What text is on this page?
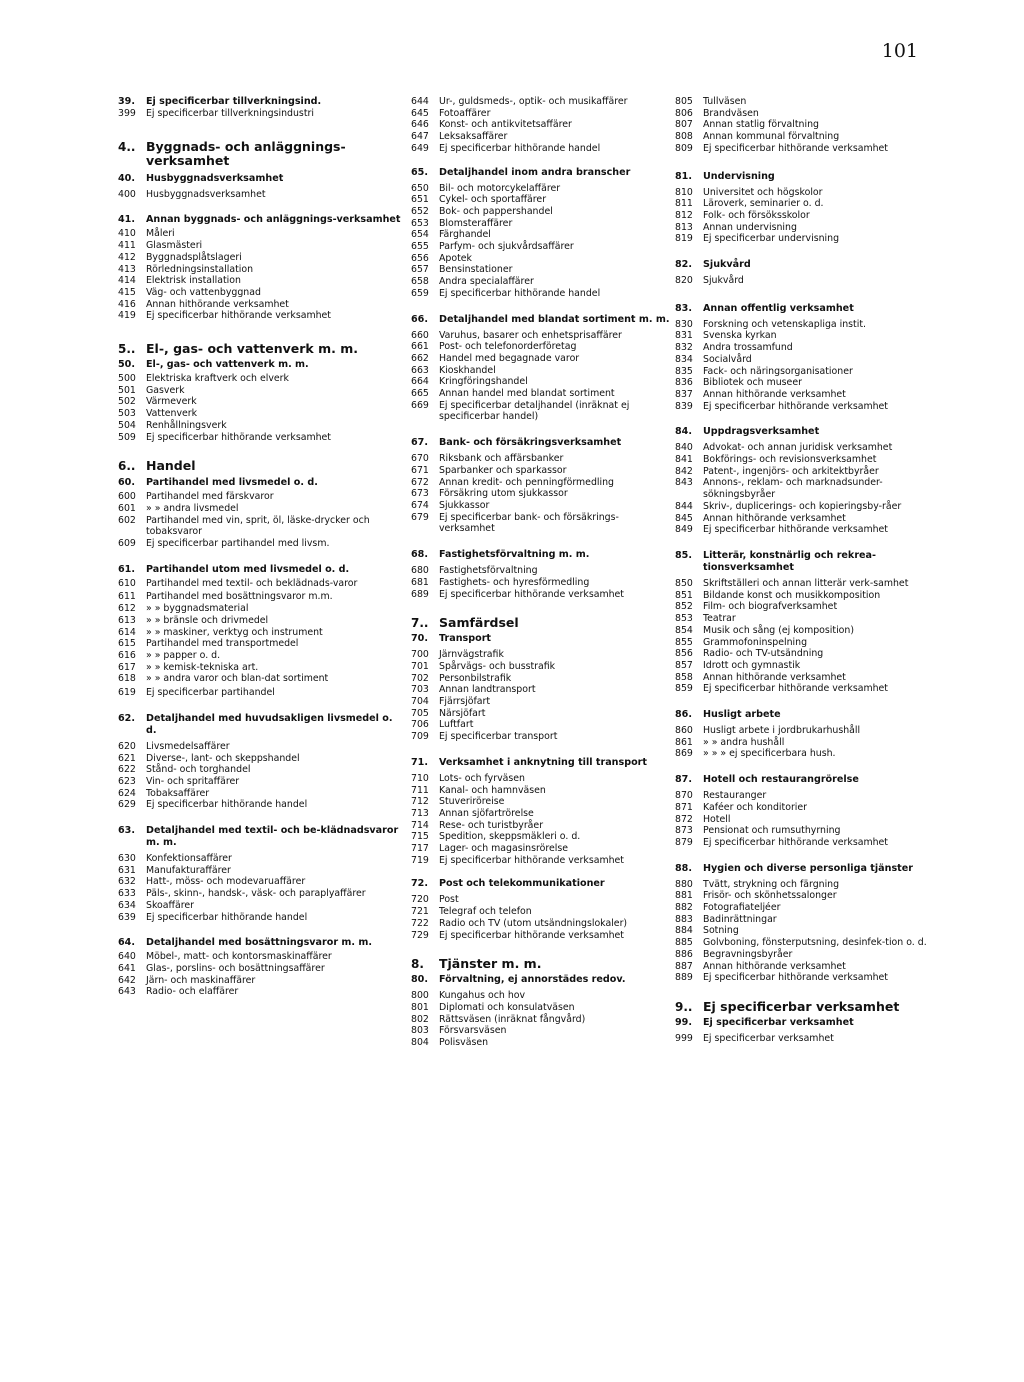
101
39.	Ej specificerbar tillverkningsind.
399	Ej specificerbar tillverkningsindustri
4.. Byggnads- och anläggnings-verksamhet
40.	Husbyggnadsverksamhet
400	Husbyggnadsverksamhet
41.	Annan byggnads- och anläggnings-verksamhet
410	Måleri
411	Glasmästeri
412	Byggnadsplåtslageri
413	Rörledningsinstallation
414	Elektrisk installation
415	Väg- och vattenbyggnad
416	Annan hithörande verksamhet
419	Ej specificerbar hithörande verksamhet
5.. El-, gas- och vattenverk m. m.
50.	El-, gas- och vattenverk m. m.
500	Elektriska kraftverk och elverk
501	Gasverk
502	Värmeverk
503	Vattenverk
504	Renhållningsverk
509	Ej specificerbar hithörande verksamhet
6.. Handel
60.	Partihandel med livsmedel o. d.
600	Partihandel med färskvaror
601	» » andra livsmedel
602	Partihandel med vin, sprit, öl, läske-drycker och tobaksvaror
609	Ej specificerbar partihandel med livsm.
61.	Partihandel utom med livsmedel o. d.
610	Partihandel med textil- och beklädnads-varor
611	Partihandel med bosättningsvaror m.m.
612	» » byggnadsmaterial
613	» » bränsle och drivmedel
614	» » maskiner, verktyg och instrument
615	Partihandel med transportmedel
616	» » papper o. d.
617	» » kemisk-tekniska art.
618	» » andra varor och blan-dat sortiment
619	Ej specificerbar partihandel
62.	Detaljhandel med huvudsakligen livsmedel o. d.
620	Livsmedelsaffärer
621	Diverse-, lant- och skeppshandel
622	Stånd- och torghandel
623	Vin- och spritaffärer
624	Tobaksaffärer
629	Ej specificerbar hithörande handel
63.	Detaljhandel med textil- och be-klädnadsvaror m. m.
630	Konfektionsaffärer
631	Manufakturaffärer
632	Hatt-, möss- och modevaruaffärer
633	Päls-, skinn-, handsk-, väsk- och paraplyaffärer
634	Skoaffärer
639	Ej specificerbar hithörande handel
64.	Detaljhandel med bosättningsvaror m. m.
640	Möbel-, matt- och kontorsmaskinaffärer
641	Glas-, porslins- och bosättningsaffärer
642	Järn- och maskinaffärer
643	Radio- och elaffärer
644	Ur-, guldsmeds-, optik- och musikaffärer
645	Fotoaffärer
646	Konst- och antikvitetsaffärer
647	Leksaksaffärer
649	Ej specificerbar hithörande handel
65.	Detaljhandel inom andra branscher
650	Bil- och motorcykelaffärer
651	Cykel- och sportaffärer
652	Bok- och pappershandel
653	Blomsteraffärer
654	Färghandel
655	Parfym- och sjukvårdsaffärer
656	Apotek
657	Bensinstationer
658	Andra specialaffärer
659	Ej specificerbar hithörande handel
66.	Detaljhandel med blandat sortiment m. m.
660	Varuhus, basarer och enhetsprisaffärer
661	Post- och telefonorderföretag
662	Handel med begagnade varor
663	Kioskhandel
664	Kringföringshandel
665	Annan handel med blandat sortiment
669	Ej specificerbar detaljhandel (inräknat ej specificerbar handel)
67.	Bank- och försäkringsverksamhet
670	Riksbank och affärsbanker
671	Sparbanker och sparkassor
672	Annan kredit- och penningförmedling
673	Försäkring utom sjukkassor
674	Sjukkassor
679	Ej specificerbar bank- och försäkrings-verksamhet
68.	Fastighetsförvaltning m. m.
680	Fastighetsförvaltning
681	Fastighets- och hyresförmedling
689	Ej specificerbar hithörande verksamhet
7.. Samfärdsel
70.	Transport
700	Järnvägstrafik
701	Spårvägs- och busstrafik
702	Personbilstrafik
703	Annan landtransport
704	Fjärrsjöfart
705	Närsjöfart
706	Luftfart
709	Ej specificerbar transport
71.	Verksamhet i anknytning till transport
710	Lots- och fyrväsen
711	Kanal- och hamnväsen
712	Stuveriröreise
713	Annan sjöfartrörelse
714	Rese- och turistbyråer
715	Spedition, skeppsmäkleri o. d.
717	Lager- och magasinsrörelse
719	Ej specificerbar hithörande verksamhet
72.	Post och telekommunikationer
720	Post
721	Telegraf och telefon
722	Radio och TV (utom utsändningslokaler)
729	Ej specificerbar hithörande verksamhet
8.	Tjänster m. m.
80.	Förvaltning, ej annorstädes redov.
800	Kungahus och hov
801	Diplomati och konsulatväsen
802	Rättsväsen (inräknat fångvård)
803	Försvarsväsen
804	Polisväsen
805	Tullväsen
806	Brandväsen
807	Annan statlig förvaltning
808	Annan kommunal förvaltning
809	Ej specificerbar hithörande verksamhet
81.	Undervisning
810	Universitet och högskolor
811	Läroverk, seminarier o. d.
812	Folk- och försöksskolor
813	Annan undervisning
819	Ej specificerbar undervisning
82.	Sjukvård
820	Sjukvård
83.	Annan offentlig verksamhet
830	Forskning och vetenskapliga instit.
831	Svenska kyrkan
832	Andra trossamfund
834	Socialvård
835	Fack- och näringsorganisationer
836	Bibliotek och museer
837	Annan hithörande verksamhet
839	Ej specificerbar hithörande verksamhet
84.	Uppdragsverksamhet
840	Advokat- och annan juridisk verksamhet
841	Bokförings- och revisionsverksamhet
842	Patent-, ingenjörs- och arkitektbyråer
843	Annons-, reklam- och marknadsunder-sökningsbyråer
844	Skriv-, duplicerings- och kopieringsby-råer
845	Annan hithörande verksamhet
849	Ej specificerbar hithörande verksamhet
85.	Litterär, konstnärlig och rekrea-tionsverksamhet
850	Skriftställeri och annan litterär verk-samhet
851	Bildande konst och musikkomposition
852	Film- och biografverksamhet
853	Teatrar
854	Musik och sång (ej komposition)
855	Grammofoninspelning
856	Radio- och TV-utsändning
857	Idrott och gymnastik
858	Annan hithörande verksamhet
859	Ej specificerbar hithörande verksamhet
86.	Husligt arbete
860	Husligt arbete i jordbrukarhushåll
861	» » andra hushåll
869	» » » ej specificerbara hush.
87.	Hotell och restaurangrörelse
870	Restauranger
871	Kaféer och konditorier
872	Hotell
873	Pensionat och rumsuthyrning
879	Ej specificerbar hithörande verksamhet
88.	Hygien och diverse personliga tjänster
880	Tvätt, strykning och färgning
881	Frisör- och skönhetssalonger
882	Fotografiateljéer
883	Badinrättningar
884	Sotning
885	Golvboning, fönsterputsning, desinfek-tion o. d.
886	Begravningsbyråer
887	Annan hithörande verksamhet
889	Ej specificerbar hithörande verksamhet
9.. Ej specificerbar verksamhet
99.	Ej specificerbar verksamhet
999	Ej specificerbar verksamhet
